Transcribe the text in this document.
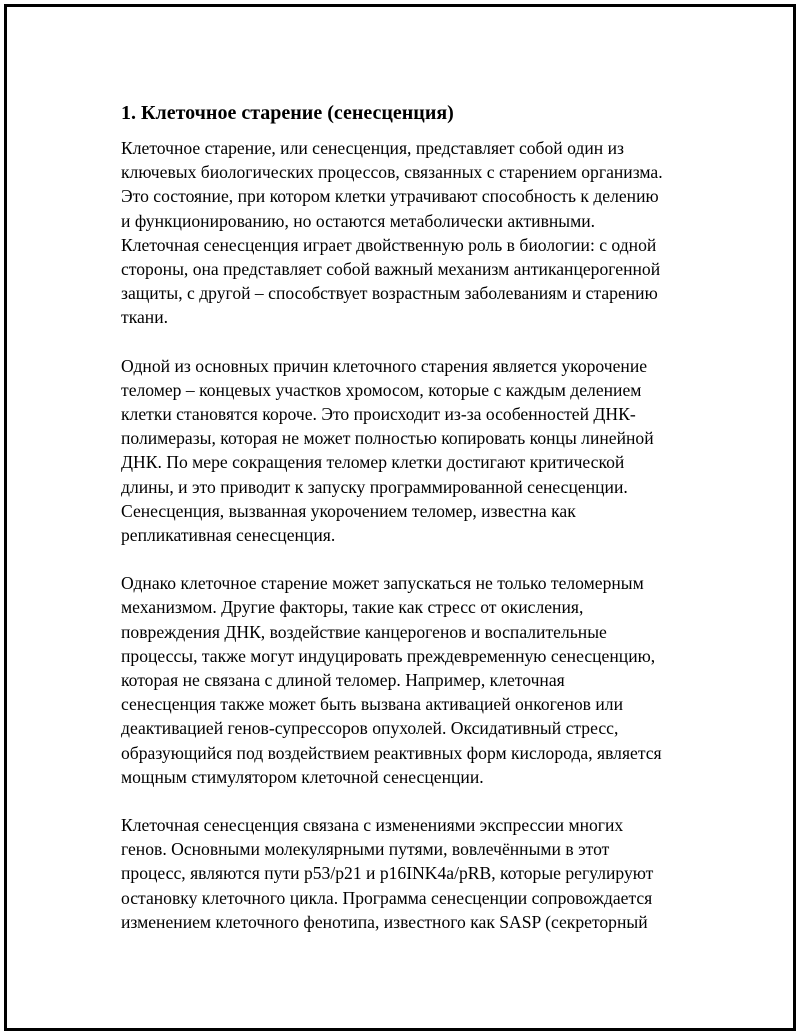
1. Клеточное старение (сенесценция)
Клеточное старение, или сенесценция, представляет собой один из
ключевых биологических процессов, связанных с старением организма.
Это состояние, при котором клетки утрачивают способность к делению
и функционированию, но остаются метаболически активными.
Клеточная сенесценция играет двойственную роль в биологии: с одной
стороны, она представляет собой важный механизм антиканцерогенной
защиты, с другой – способствует возрастным заболеваниям и старению
ткани.
Одной из основных причин клеточного старения является укорочение
теломер – концевых участков хромосом, которые с каждым делением
клетки становятся короче. Это происходит из-за особенностей ДНК-
полимеразы, которая не может полностью копировать концы линейной
ДНК. По мере сокращения теломер клетки достигают критической
длины, и это приводит к запуску программированной сенесценции.
Сенесценция, вызванная укорочением теломер, известна как
репликативная сенесценция.
Однако клеточное старение может запускаться не только теломерным
механизмом. Другие факторы, такие как стресс от окисления,
повреждения ДНК, воздействие канцерогенов и воспалительные
процессы, также могут индуцировать преждевременную сенесценцию,
которая не связана с длиной теломер. Например, клеточная
сенесценция также может быть вызвана активацией онкогенов или
деактивацией генов-супрессоров опухолей. Оксидативный стресс,
образующийся под воздействием реактивных форм кислорода, является
мощным стимулятором клеточной сенесценции.
Клеточная сенесценция связана с изменениями экспрессии многих
генов. Основными молекулярными путями, вовлечёнными в этот
процесс, являются пути p53/p21 и p16INK4a/pRB, которые регулируют
остановку клеточного цикла. Программа сенесценции сопровождается
изменением клеточного фенотипа, известного как SASP (секреторный
